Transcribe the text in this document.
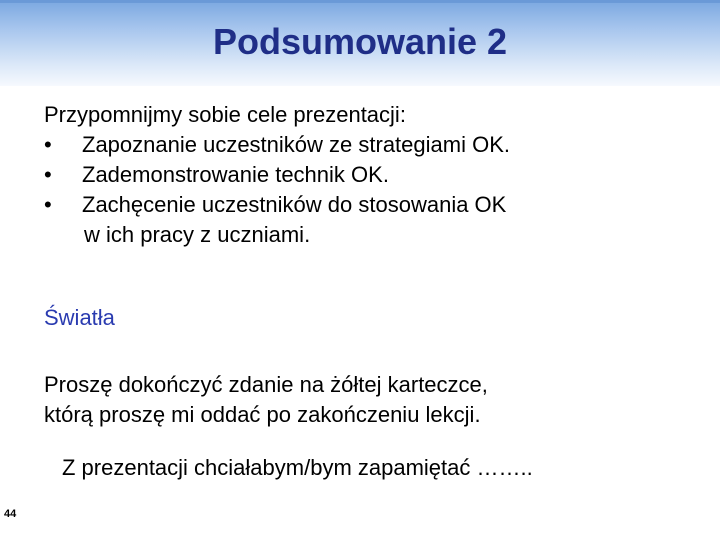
Podsumowanie 2
Przypomnijmy sobie cele prezentacji:
•	Zapoznanie uczestników ze strategiami OK.
•	Zademonstrowanie technik OK.
•	Zachęcenie uczestników do stosowania OK
w ich pracy z uczniami.
Światła
Proszę dokończyć zdanie na żółtej karteczce,
którą proszę mi oddać po zakończeniu lekcji.
Z prezentacji chciałabym/bym zapamiętać ……..
44
